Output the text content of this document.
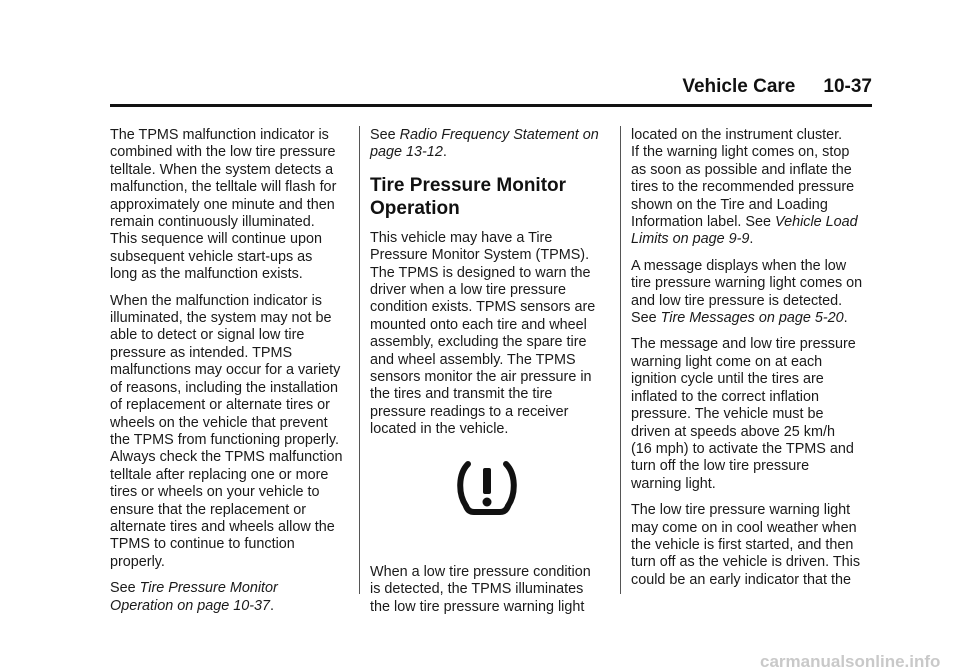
Vehicle Care 10-37

The TPMS malfunction indicator is
combined with the low tire pressure
telltale. When the system detects a
malfunction, the telltale will flash for
approximately one minute and then
remain continuously illuminated.
This sequence will continue upon
subsequent vehicle start-ups as
long as the malfunction exists.

When the malfunction indicator is
illuminated, the system may not be
able to detect or signal low tire
pressure as intended. TPMS
malfunctions may occur for a variety
of reasons, including the installation
of replacement or alternate tires or
wheels on the vehicle that prevent
the TPMS from functioning properly.
Always check the TPMS malfunction
telltale after replacing one or more
tires or wheels on your vehicle to
ensure that the replacement or
alternate tires and wheels allow the
TPMS to continue to function
properly.

See Tire Pressure Monitor
Operation on page 10-37.

See Radio Frequency Statement on
page 13-12.

Tire Pressure Monitor
Operation

This vehicle may have a Tire
Pressure Monitor System (TPMS).
The TPMS is designed to warn the
driver when a low tire pressure
condition exists. TPMS sensors are
mounted onto each tire and wheel
assembly, excluding the spare tire
and wheel assembly. The TPMS
sensors monitor the air pressure in
the tires and transmit the tire
pressure readings to a receiver
located in the vehicle.

When a low tire pressure condition
is detected, the TPMS illuminates
the low tire pressure warning light

located on the instrument cluster.
If the warning light comes on, stop
as soon as possible and inflate the
tires to the recommended pressure
shown on the Tire and Loading
Information label. See Vehicle Load
Limits on page 9-9.

A message displays when the low
tire pressure warning light comes on
and low tire pressure is detected.
See Tire Messages on page 5-20.

The message and low tire pressure
warning light come on at each
ignition cycle until the tires are
inflated to the correct inflation
pressure. The vehicle must be
driven at speeds above 25 km/h
(16 mph) to activate the TPMS and
turn off the low tire pressure
warning light.

The low tire pressure warning light
may come on in cool weather when
the vehicle is first started, and then
turn off as the vehicle is driven. This
could be an early indicator that the

carmanualsonline.info
